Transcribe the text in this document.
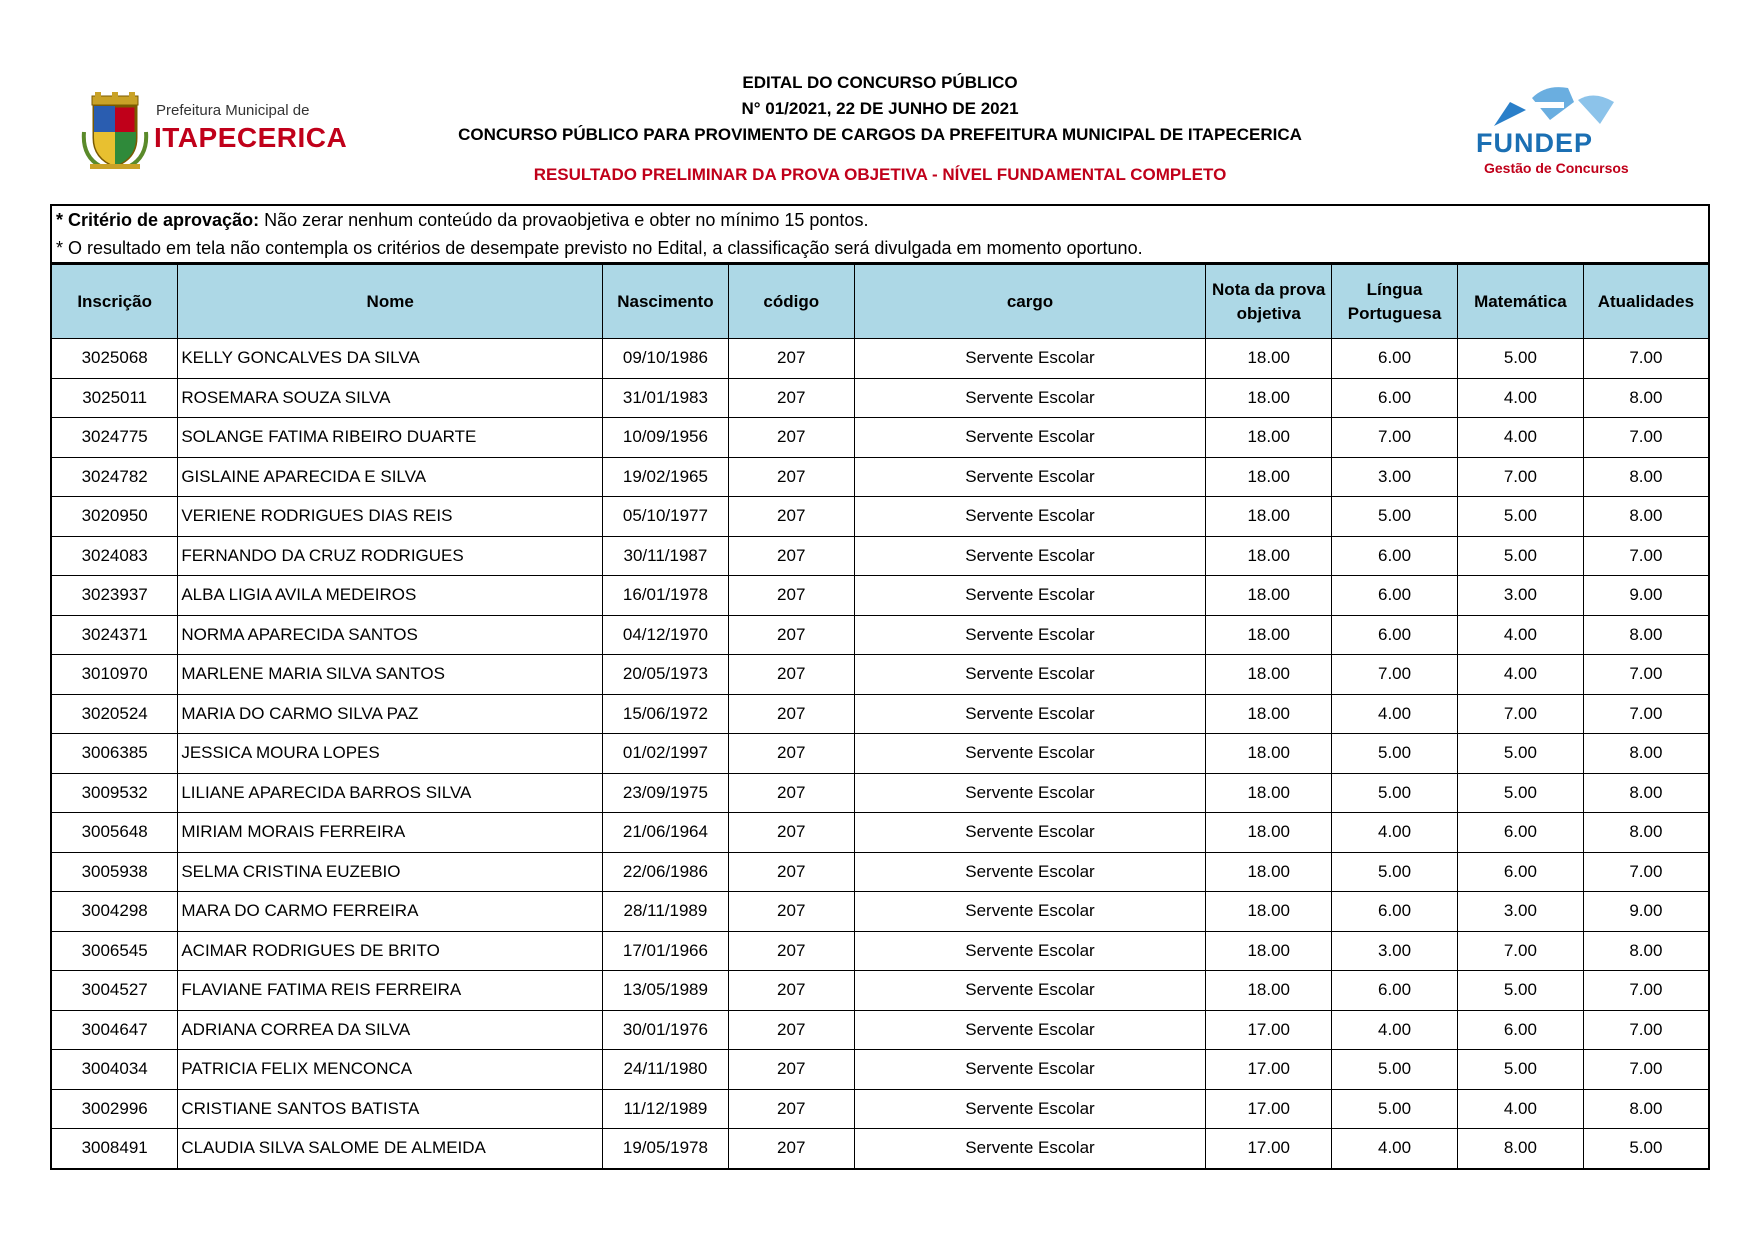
Prefeitura Municipal de
ITAPECERICA
EDITAL DO CONCURSO PÚBLICO
N° 01/2021, 22 DE JUNHO DE 2021
CONCURSO PÚBLICO PARA PROVIMENTO DE CARGOS DA PREFEITURA MUNICIPAL DE ITAPECERICA
RESULTADO PRELIMINAR DA PROVA OBJETIVA - NÍVEL FUNDAMENTAL COMPLETO
FUNDEP
Gestão de Concursos
* Critério de aprovação: Não zerar nenhum conteúdo da provaobjetiva e obter no mínimo 15 pontos.
* O resultado em tela não contempla os critérios de desempate previsto no Edital, a classificação será divulgada em momento oportuno.
Inscrição	Nome	Nascimento	código	cargo	Nota da prova objetiva	Língua Portuguesa	Matemática	Atualidades
3025068	KELLY GONCALVES DA SILVA	09/10/1986	207	Servente Escolar	18.00	6.00	5.00	7.00
3025011	ROSEMARA SOUZA SILVA	31/01/1983	207	Servente Escolar	18.00	6.00	4.00	8.00
3024775	SOLANGE FATIMA RIBEIRO DUARTE	10/09/1956	207	Servente Escolar	18.00	7.00	4.00	7.00
3024782	GISLAINE APARECIDA E SILVA	19/02/1965	207	Servente Escolar	18.00	3.00	7.00	8.00
3020950	VERIENE RODRIGUES DIAS REIS	05/10/1977	207	Servente Escolar	18.00	5.00	5.00	8.00
3024083	FERNANDO DA CRUZ RODRIGUES	30/11/1987	207	Servente Escolar	18.00	6.00	5.00	7.00
3023937	ALBA LIGIA AVILA MEDEIROS	16/01/1978	207	Servente Escolar	18.00	6.00	3.00	9.00
3024371	NORMA APARECIDA SANTOS	04/12/1970	207	Servente Escolar	18.00	6.00	4.00	8.00
3010970	MARLENE MARIA SILVA SANTOS	20/05/1973	207	Servente Escolar	18.00	7.00	4.00	7.00
3020524	MARIA DO CARMO SILVA PAZ	15/06/1972	207	Servente Escolar	18.00	4.00	7.00	7.00
3006385	JESSICA MOURA LOPES	01/02/1997	207	Servente Escolar	18.00	5.00	5.00	8.00
3009532	LILIANE APARECIDA BARROS SILVA	23/09/1975	207	Servente Escolar	18.00	5.00	5.00	8.00
3005648	MIRIAM MORAIS FERREIRA	21/06/1964	207	Servente Escolar	18.00	4.00	6.00	8.00
3005938	SELMA CRISTINA EUZEBIO	22/06/1986	207	Servente Escolar	18.00	5.00	6.00	7.00
3004298	MARA DO CARMO FERREIRA	28/11/1989	207	Servente Escolar	18.00	6.00	3.00	9.00
3006545	ACIMAR RODRIGUES DE BRITO	17/01/1966	207	Servente Escolar	18.00	3.00	7.00	8.00
3004527	FLAVIANE FATIMA REIS FERREIRA	13/05/1989	207	Servente Escolar	18.00	6.00	5.00	7.00
3004647	ADRIANA CORREA DA SILVA	30/01/1976	207	Servente Escolar	17.00	4.00	6.00	7.00
3004034	PATRICIA FELIX MENCONCA	24/11/1980	207	Servente Escolar	17.00	5.00	5.00	7.00
3002996	CRISTIANE SANTOS BATISTA	11/12/1989	207	Servente Escolar	17.00	5.00	4.00	8.00
3008491	CLAUDIA SILVA SALOME DE ALMEIDA	19/05/1978	207	Servente Escolar	17.00	4.00	8.00	5.00
